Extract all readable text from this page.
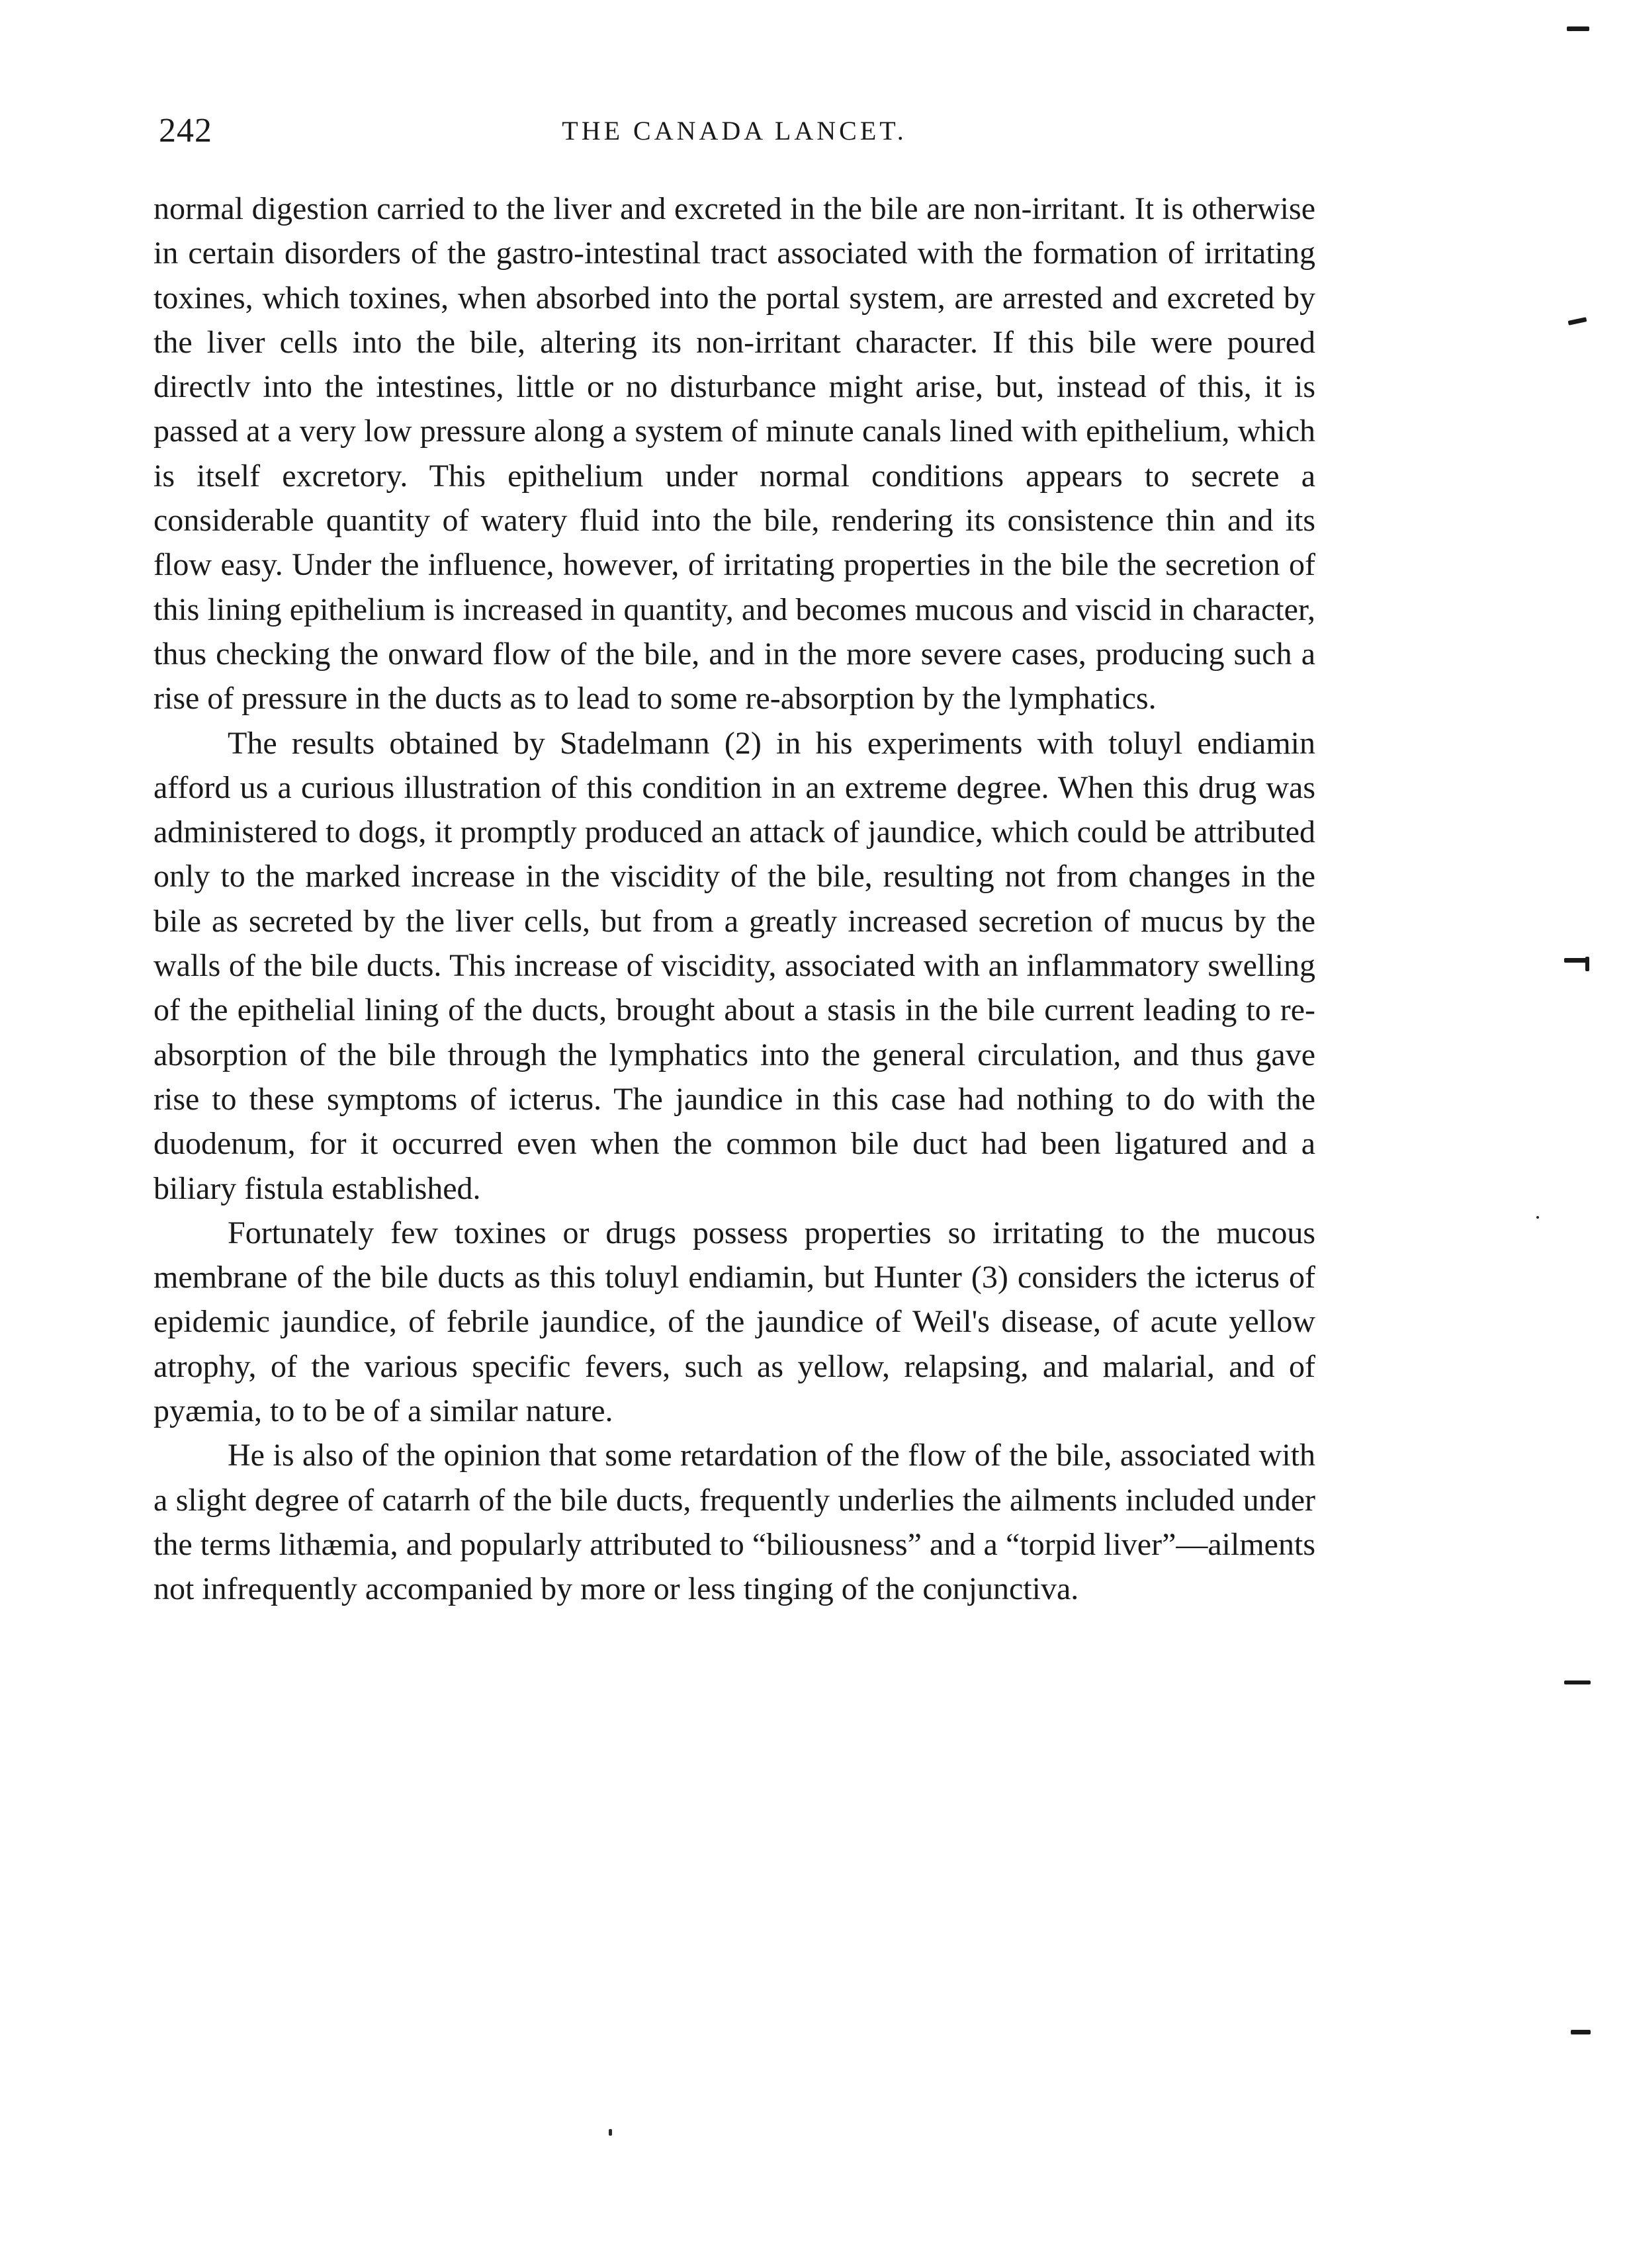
242	THE CANADA LANCET.

normal digestion carried to the liver and excreted in the bile are non-irritant. It is otherwise in certain disorders of the gastro-intestinal tract associated with the formation of irritating toxines, which toxines, when absorbed into the portal system, are arrested and excreted by the liver cells into the bile, altering its non-irritant character. If this bile were poured directlv into the intestines, little or no disturbance might arise, but, instead of this, it is passed at a very low pressure along a system of minute canals lined with epithelium, which is itself excretory. This epithelium under normal conditions appears to secrete a considerable quantity of watery fluid into the bile, rendering its consistence thin and its flow easy. Under the influence, however, of irritating properties in the bile the secretion of this lining epithelium is increased in quantity, and becomes mucous and viscid in character, thus checking the onward flow of the bile, and in the more severe cases, producing such a rise of pressure in the ducts as to lead to some re-absorption by the lymphatics.

The results obtained by Stadelmann (2) in his experiments with toluyl endiamin afford us a curious illustration of this condition in an extreme degree. When this drug was administered to dogs, it promptly produced an attack of jaundice, which could be attributed only to the marked increase in the viscidity of the bile, resulting not from changes in the bile as secreted by the liver cells, but from a greatly increased secretion of mucus by the walls of the bile ducts. This increase of viscidity, associated with an inflammatory swelling of the epithelial lining of the ducts, brought about a stasis in the bile current leading to re-absorption of the bile through the lymphatics into the general circulation, and thus gave rise to these symptoms of icterus. The jaundice in this case had nothing to do with the duodenum, for it occurred even when the common bile duct had been ligatured and a biliary fistula established.

Fortunately few toxines or drugs possess properties so irritating to the mucous membrane of the bile ducts as this toluyl endiamin, but Hunter (3) considers the icterus of epidemic jaundice, of febrile jaundice, of the jaundice of Weil's disease, of acute yellow atrophy, of the various specific fevers, such as yellow, relapsing, and malarial, and of pyæmia, to to be of a similar nature.

He is also of the opinion that some retardation of the flow of the bile, associated with a slight degree of catarrh of the bile ducts, frequently underlies the ailments included under the terms lithæmia, and popularly attributed to “biliousness” and a “torpid liver”—ailments not infrequently accompanied by more or less tinging of the conjunctiva.
